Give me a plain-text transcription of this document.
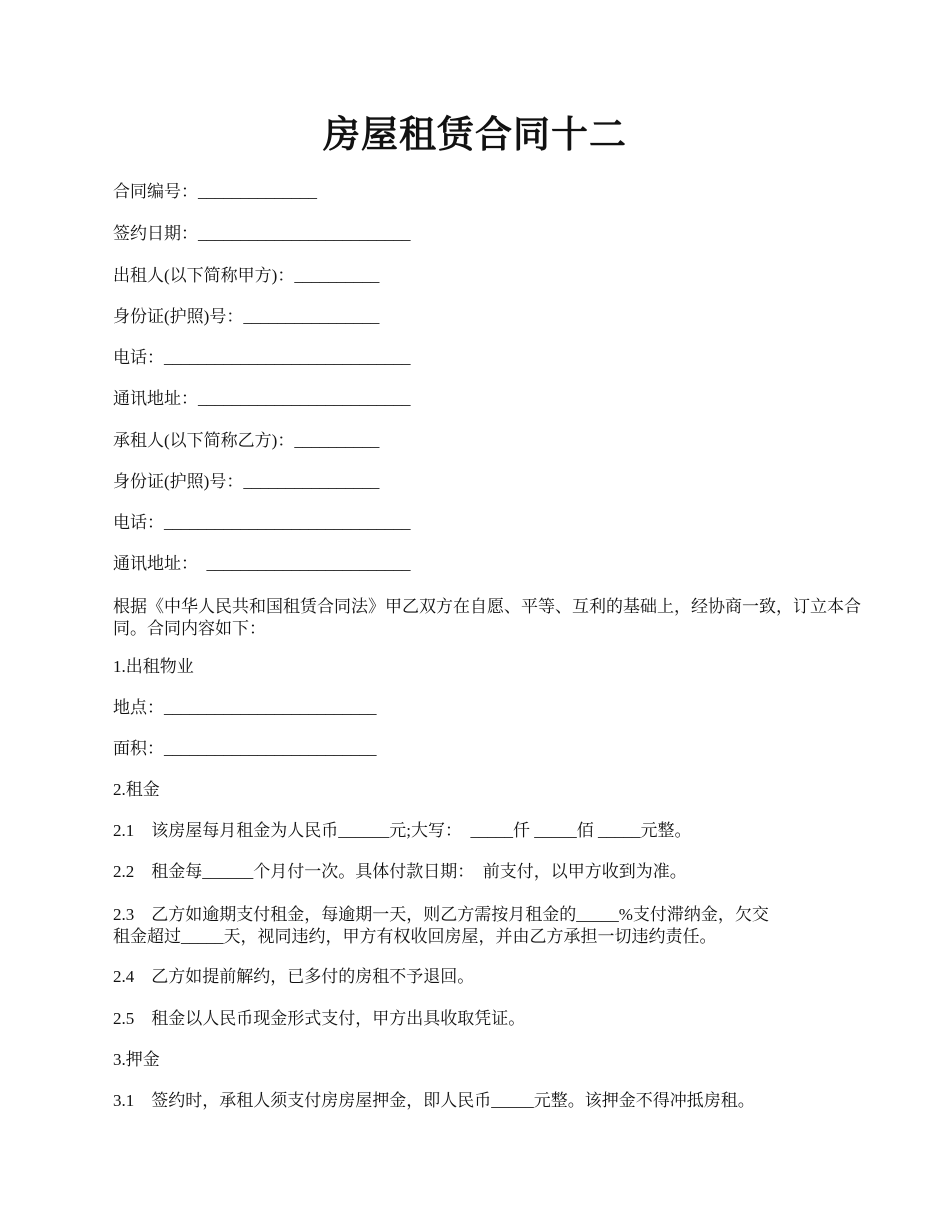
房屋租赁合同十二
合同编号：______________
签约日期：_________________________
出租人(以下简称甲方)：__________
身份证(护照)号：________________
电话：_____________________________
通讯地址：_________________________
承租人(以下简称乙方)：__________
身份证(护照)号：________________
电话：_____________________________
通讯地址：  ________________________
根据《中华人民共和国租赁合同法》甲乙双方在自愿、平等、互利的基础上，经协商一致，订立本合同。合同内容如下：
1.出租物业
地点：_________________________
面积：_________________________
2.租金
2.1    该房屋每月租金为人民币______元;大写：  _____仟 _____佰 _____元整。
2.2    租金每______个月付一次。具体付款日期：  前支付，以甲方收到为准。
2.3    乙方如逾期支付租金，每逾期一天，则乙方需按月租金的_____%支付滞纳金，欠交
租金超过_____天，视同违约，甲方有权收回房屋，并由乙方承担一切违约责任。
2.4    乙方如提前解约，已多付的房租不予退回。
2.5    租金以人民币现金形式支付，甲方出具收取凭证。
3.押金
3.1    签约时，承租人须支付房房屋押金，即人民币_____元整。该押金不得冲抵房租。
